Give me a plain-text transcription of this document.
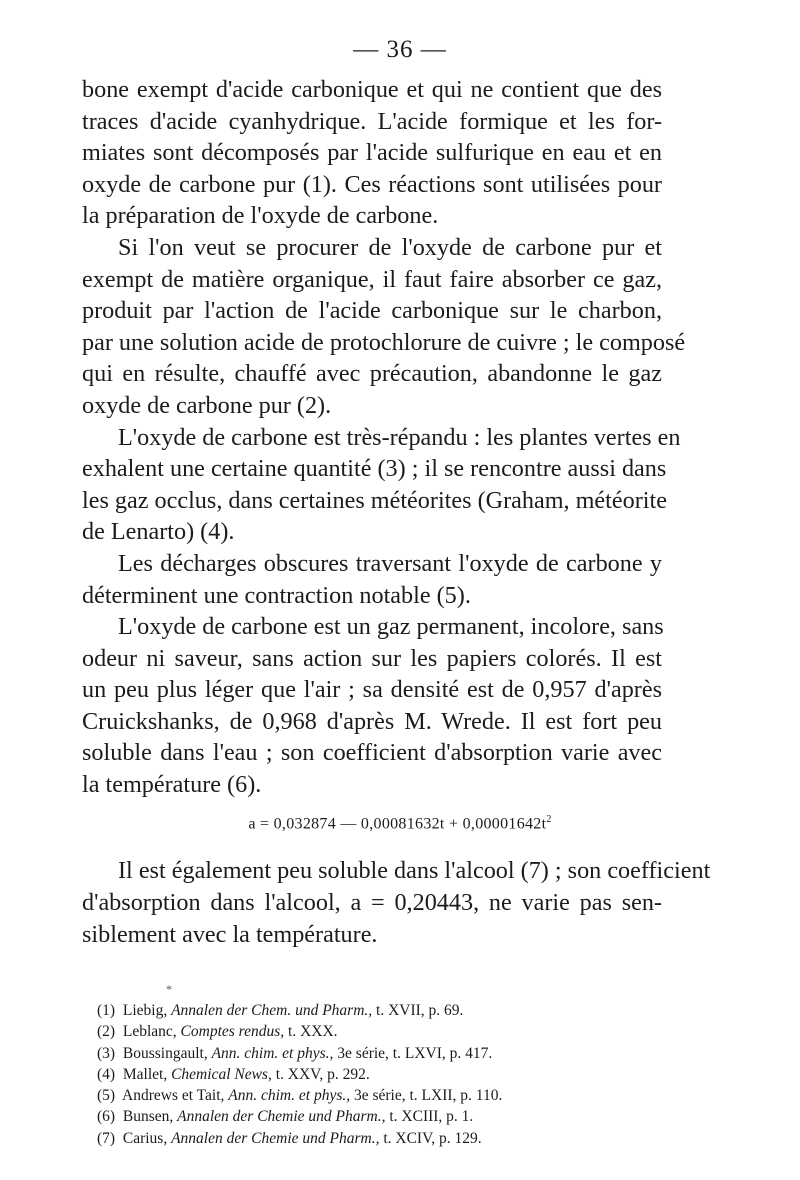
— 36 —
bone exempt d'acide carbonique et qui ne contient que des
traces d'acide cyanhydrique. L'acide formique et les for-
miates sont décomposés par l'acide sulfurique en eau et en
oxyde de carbone pur (1). Ces réactions sont utilisées pour
la préparation de l'oxyde de carbone.
Si l'on veut se procurer de l'oxyde de carbone pur et
exempt de matière organique, il faut faire absorber ce gaz,
produit par l'action de l'acide carbonique sur le charbon,
par une solution acide de protochlorure de cuivre ; le composé
qui en résulte, chauffé avec précaution, abandonne le gaz
oxyde de carbone pur (2).
L'oxyde de carbone est très-répandu : les plantes vertes en
exhalent une certaine quantité (3) ; il se rencontre aussi dans
les gaz occlus, dans certaines météorites (Graham, météorite
de Lenarto) (4).
Les décharges obscures traversant l'oxyde de carbone y
déterminent une contraction notable (5).
L'oxyde de carbone est un gaz permanent, incolore, sans
odeur ni saveur, sans action sur les papiers colorés. Il est
un peu plus léger que l'air ; sa densité est de 0,957 d'après
Cruickshanks, de 0,968 d'après M. Wrede. Il est fort peu
soluble dans l'eau ; son coefficient d'absorption varie avec
la température (6).
a = 0,032874 — $0,00081632t + 0,00001642t^2$
Il est également peu soluble dans l'alcool (7) ; son coefficient
d'absorption dans l'alcool, a = 0,20443, ne varie pas sen-
siblement avec la température.
*
(1) Liebig, Annalen der Chem. und Pharm., t. XVII, p. 69.
(2) Leblanc, Comptes rendus, t. XXX.
(3) Boussingault, Ann. chim. et phys., 3e série, t. LXVI, p. 417.
(4) Mallet, Chemical News, t. XXV, p. 292.
(5) Andrews et Tait, Ann. chim. et phys., 3e série, t. LXII, p. 110.
(6) Bunsen, Annalen der Chemie und Pharm., t. XCIII, p. 1.
(7) Carius, Annalen der Chemie und Pharm., t. XCIV, p. 129.
